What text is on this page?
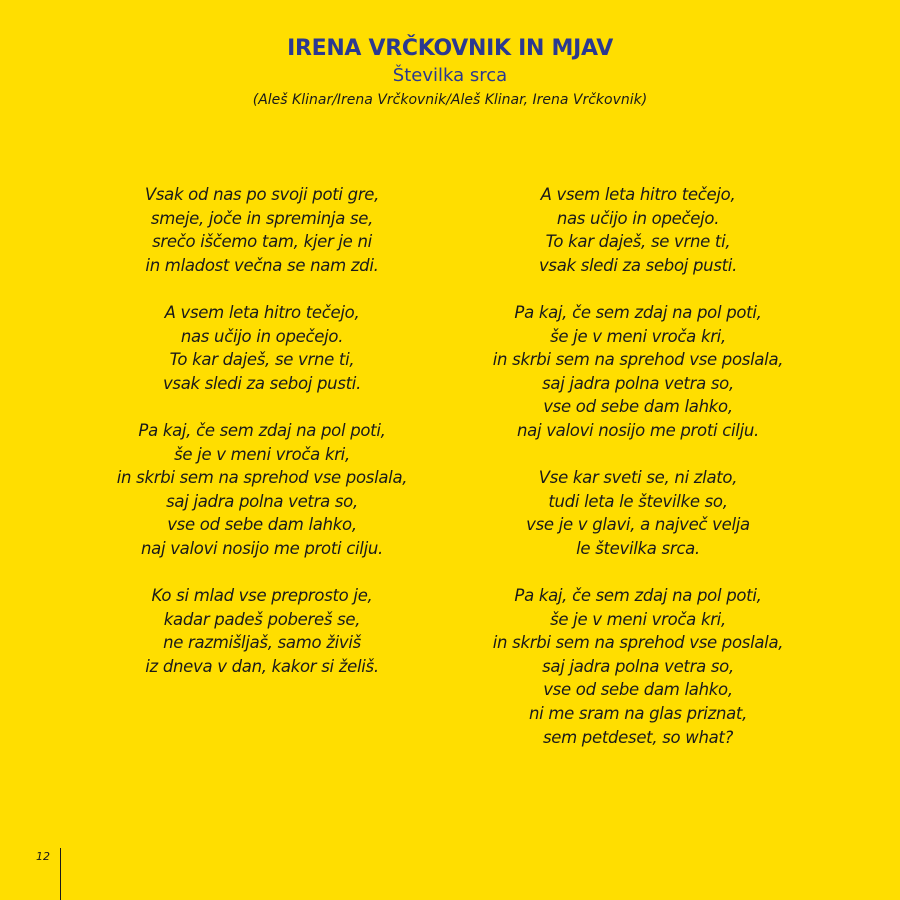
IRENA VRČKOVNIK IN MJAV
Številka srca
(Aleš Klinar/Irena Vrčkovnik/Aleš Klinar, Irena Vrčkovnik)
Vsak od nas po svoji poti gre,
smeje, joče in spreminja se,
srečo iščemo tam, kjer je ni
in mladost večna se nam zdi.
A vsem leta hitro tečejo,
nas učijo in opečejo.
To kar daješ, se vrne ti,
vsak sledi za seboj pusti.
Pa kaj, če sem zdaj na pol poti,
še je v meni vroča kri,
in skrbi sem na sprehod vse poslala,
saj jadra polna vetra so,
vse od sebe dam lahko,
naj valovi nosijo me proti cilju.
Ko si mlad vse preprosto je,
kadar padeš pobereš se,
ne razmišljaš, samo živiš
iz dneva v dan, kakor si želiš.
A vsem leta hitro tečejo,
nas učijo in opečejo.
To kar daješ, se vrne ti,
vsak sledi za seboj pusti.
Pa kaj, če sem zdaj na pol poti,
še je v meni vroča kri,
in skrbi sem na sprehod vse poslala,
saj jadra polna vetra so,
vse od sebe dam lahko,
naj valovi nosijo me proti cilju.
Vse kar sveti se, ni zlato,
tudi leta le številke so,
vse je v glavi, a največ velja
le številka srca.
Pa kaj, če sem zdaj na pol poti,
še je v meni vroča kri,
in skrbi sem na sprehod vse poslala,
saj jadra polna vetra so,
vse od sebe dam lahko,
ni me sram na glas priznat,
sem petdeset, so what?
12
